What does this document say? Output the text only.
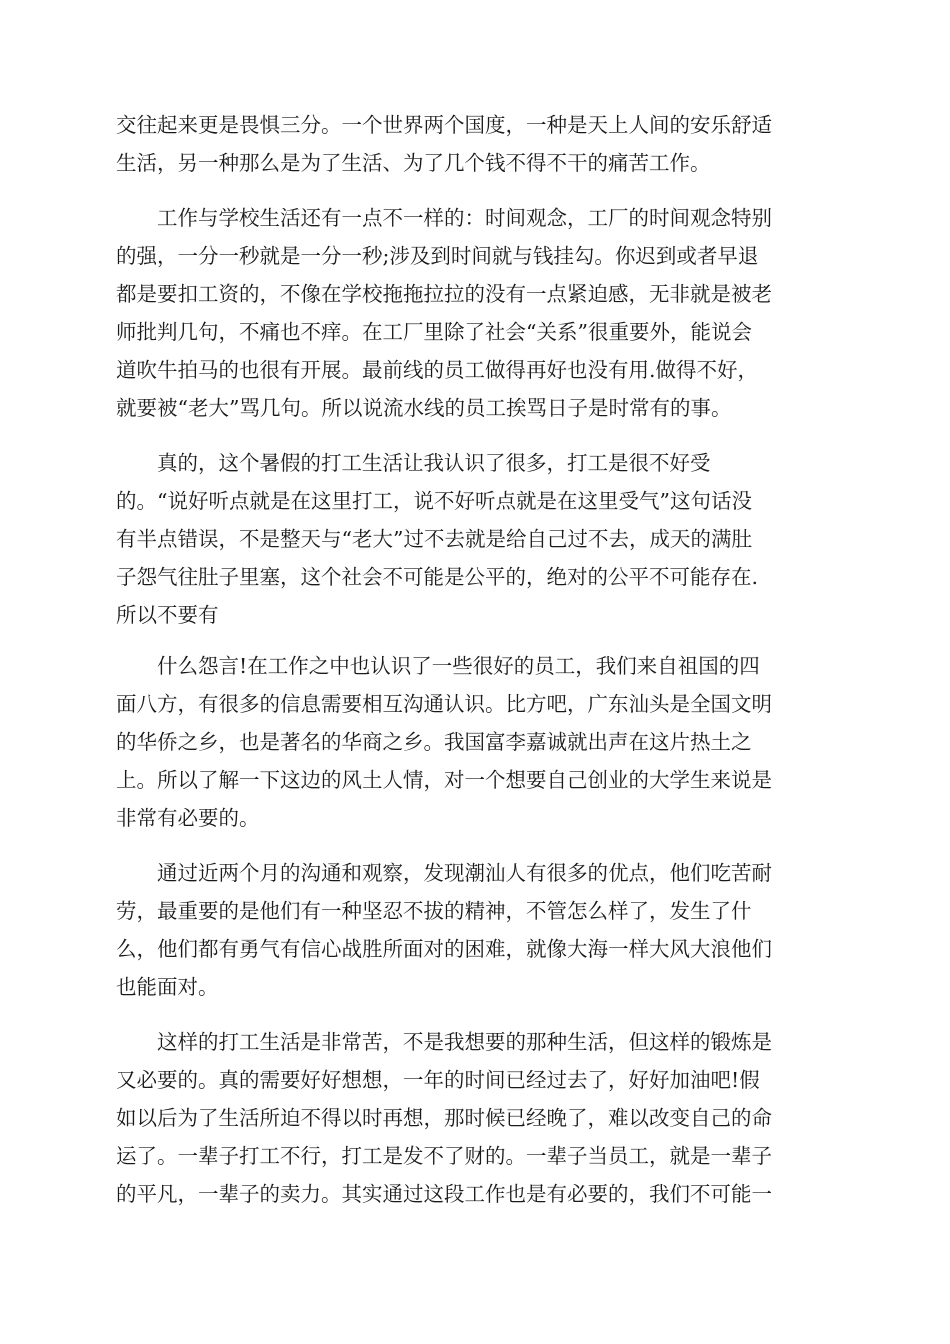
交往起来更是畏惧三分。一个世界两个国度，一种是天上人间的安乐舒适
生活，另一种那么是为了生活、为了几个钱不得不干的痛苦工作。

工作与学校生活还有一点不一样的：时间观念，工厂的时间观念特别
的强，一分一秒就是一分一秒;涉及到时间就与钱挂勾。你迟到或者早退
都是要扣工资的，不像在学校拖拖拉拉的没有一点紧迫感，无非就是被老
师批判几句，不痛也不痒。在工厂里除了社会“关系”很重要外，能说会
道吹牛拍马的也很有开展。最前线的员工做得再好也没有用.做得不好，
就要被“老大”骂几句。所以说流水线的员工挨骂日子是时常有的事。

真的，这个暑假的打工生活让我认识了很多，打工是很不好受
的。“说好听点就是在这里打工，说不好听点就是在这里受气”这句话没
有半点错误，不是整天与“老大”过不去就是给自己过不去，成天的满肚
子怨气往肚子里塞，这个社会不可能是公平的，绝对的公平不可能存在.
所以不要有

什么怨言!在工作之中也认识了一些很好的员工，我们来自祖国的四
面八方，有很多的信息需要相互沟通认识。比方吧，广东汕头是全国文明
的华侨之乡，也是著名的华商之乡。我国富李嘉诚就出声在这片热土之
上。所以了解一下这边的风土人情，对一个想要自己创业的大学生来说是
非常有必要的。

通过近两个月的沟通和观察，发现潮汕人有很多的优点，他们吃苦耐
劳，最重要的是他们有一种坚忍不拔的精神，不管怎么样了，发生了什
么，他们都有勇气有信心战胜所面对的困难，就像大海一样大风大浪他们
也能面对。

这样的打工生活是非常苦，不是我想要的那种生活，但这样的锻炼是
又必要的。真的需要好好想想，一年的时间已经过去了，好好加油吧!假
如以后为了生活所迫不得以时再想，那时候已经晚了，难以改变自己的命
运了。一辈子打工不行，打工是发不了财的。一辈子当员工，就是一辈子
的平凡，一辈子的卖力。其实通过这段工作也是有必要的，我们不可能一
